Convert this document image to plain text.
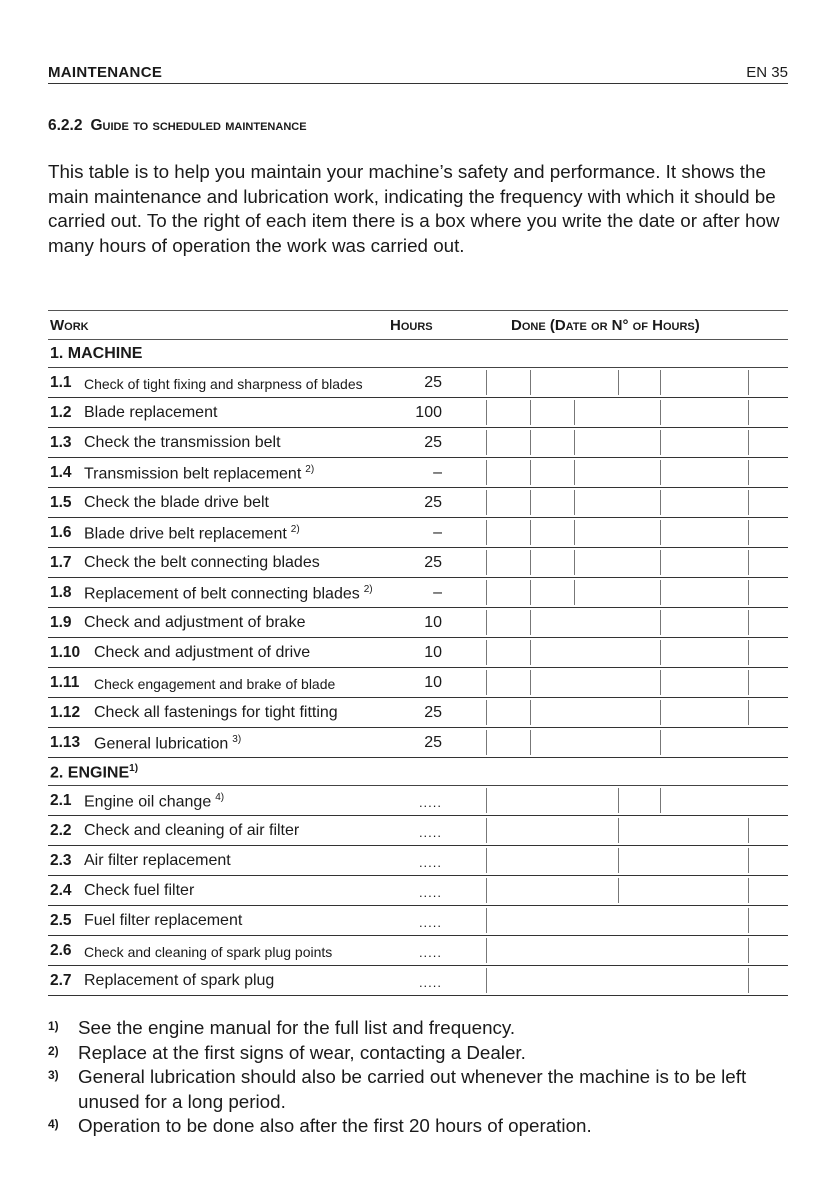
MAINTENANCE	EN 35
6.2.2 Guide to scheduled maintenance

This table is to help you maintain your machine’s safety and performance. It shows the main maintenance and lubrication work, indicating the frequency with which it should be carried out. To the right of each item there is a box where you write the date or after how many hours of operation the work was carried out.

Work	Hours	Done (Date or N° of Hours)
1. MACHINE
1.1 Check of tight fixing and sharpness of blades	25
1.2 Blade replacement	100
1.3 Check the transmission belt	25
1.4 Transmission belt replacement $^{2)}$	–
1.5 Check the blade drive belt	25
1.6 Blade drive belt replacement $^{2)}$	–
1.7 Check the belt connecting blades	25
1.8 Replacement of belt connecting blades $^{2)}$	–
1.9 Check and adjustment of brake	10
1.10 Check and adjustment of drive	10
1.11 Check engagement and brake of blade	10
1.12 Check all fastenings for tight fitting	25
1.13 General lubrication $^{3)}$	25
2. ENGINE$^{1)}$
2.1 Engine oil change $^{4)}$	.....
2.2 Check and cleaning of air filter	.....
2.3 Air filter replacement	.....
2.4 Check fuel filter	.....
2.5 Fuel filter replacement	.....
2.6 Check and cleaning of spark plug points	.....
2.7 Replacement of spark plug	.....
1) See the engine manual for the full list and frequency.
2) Replace at the first signs of wear, contacting a Dealer.
3) General lubrication should also be carried out whenever the machine is to be left unused for a long period.
4) Operation to be done also after the first 20 hours of operation.
